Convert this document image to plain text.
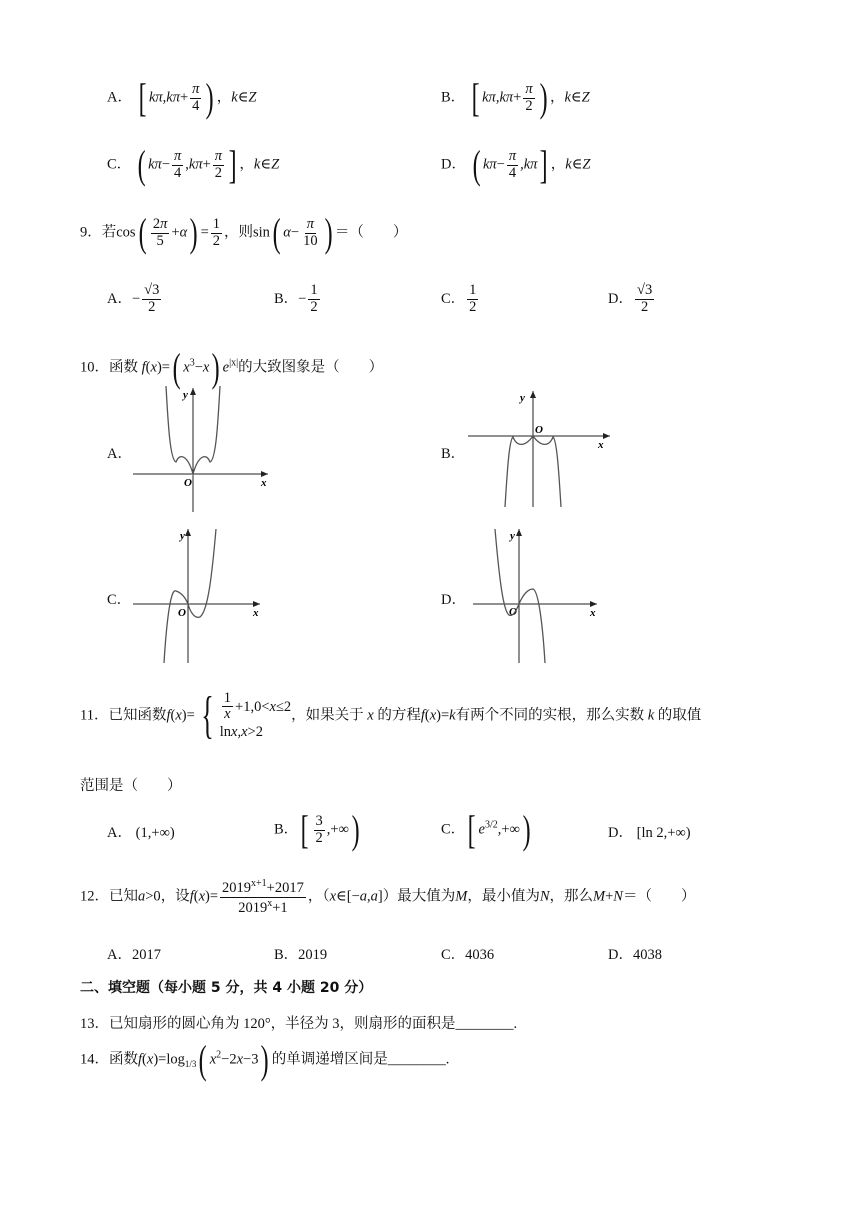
A． [ $k\pi,k\pi+ \frac{\pi}{4}$ ) ，k∈Z	B． [ $k\pi,k\pi+ \frac{\pi}{2}$ ) ，k∈Z
C． ( $k\pi- \frac{\pi}{4} ,k\pi+ \frac{\pi}{2}$ ] ，k∈Z	D． ( $k\pi- \frac{\pi}{4} ,k\pi$] ，k∈Z
9．若$\cos( \frac{2\pi}{5} +\alpha) = \frac{1}{2}$ ，则sin( $\alpha- \frac{\pi}{10}$ ) ＝（　　）
A．− $\frac{√3}{2}$	B．− $\frac{1}{2}$	C． $\frac{1}{2}$	D． $\frac{√3}{2}$
10．函数 f(x)=( $x^3-x$) $e^{|x|}$的大致图象是（　　）
A．
y
x
O
B．
y
x
O
C．
y
x
O
D．
y
x
O
11．已知函数f(x)= { $\frac{1}{x} +1,0<x\le 2$
lnx,x>2
，如果关于 x 的方程f(x)=k有两个不同的实根，那么实数 k 的取值
范围是（　　）
A． (1,+∞)	B．[ $\frac{3}{2}$ ,+∞)	C．[ $e^{3/2},+\infty$)	D． [ln 2,+∞)
12．已知a>0，设$f(x)= \frac{2019^{x+1}+2017}{2019^x+1}$ ，（x∈[−a,a]）最大值为M，最小值为N，那么M+N＝（　　）
A．2017	B．2019	C．4036	D．4038
二、填空题（每小题 5 分，共 4 小题 20 分）
13．已知扇形的圆心角为 120°，半径为 3，则扇形的面积是________.
14．函数$f(x)=\log_{1/3}$( $x^2-2x-3$) 的单调递增区间是________.
